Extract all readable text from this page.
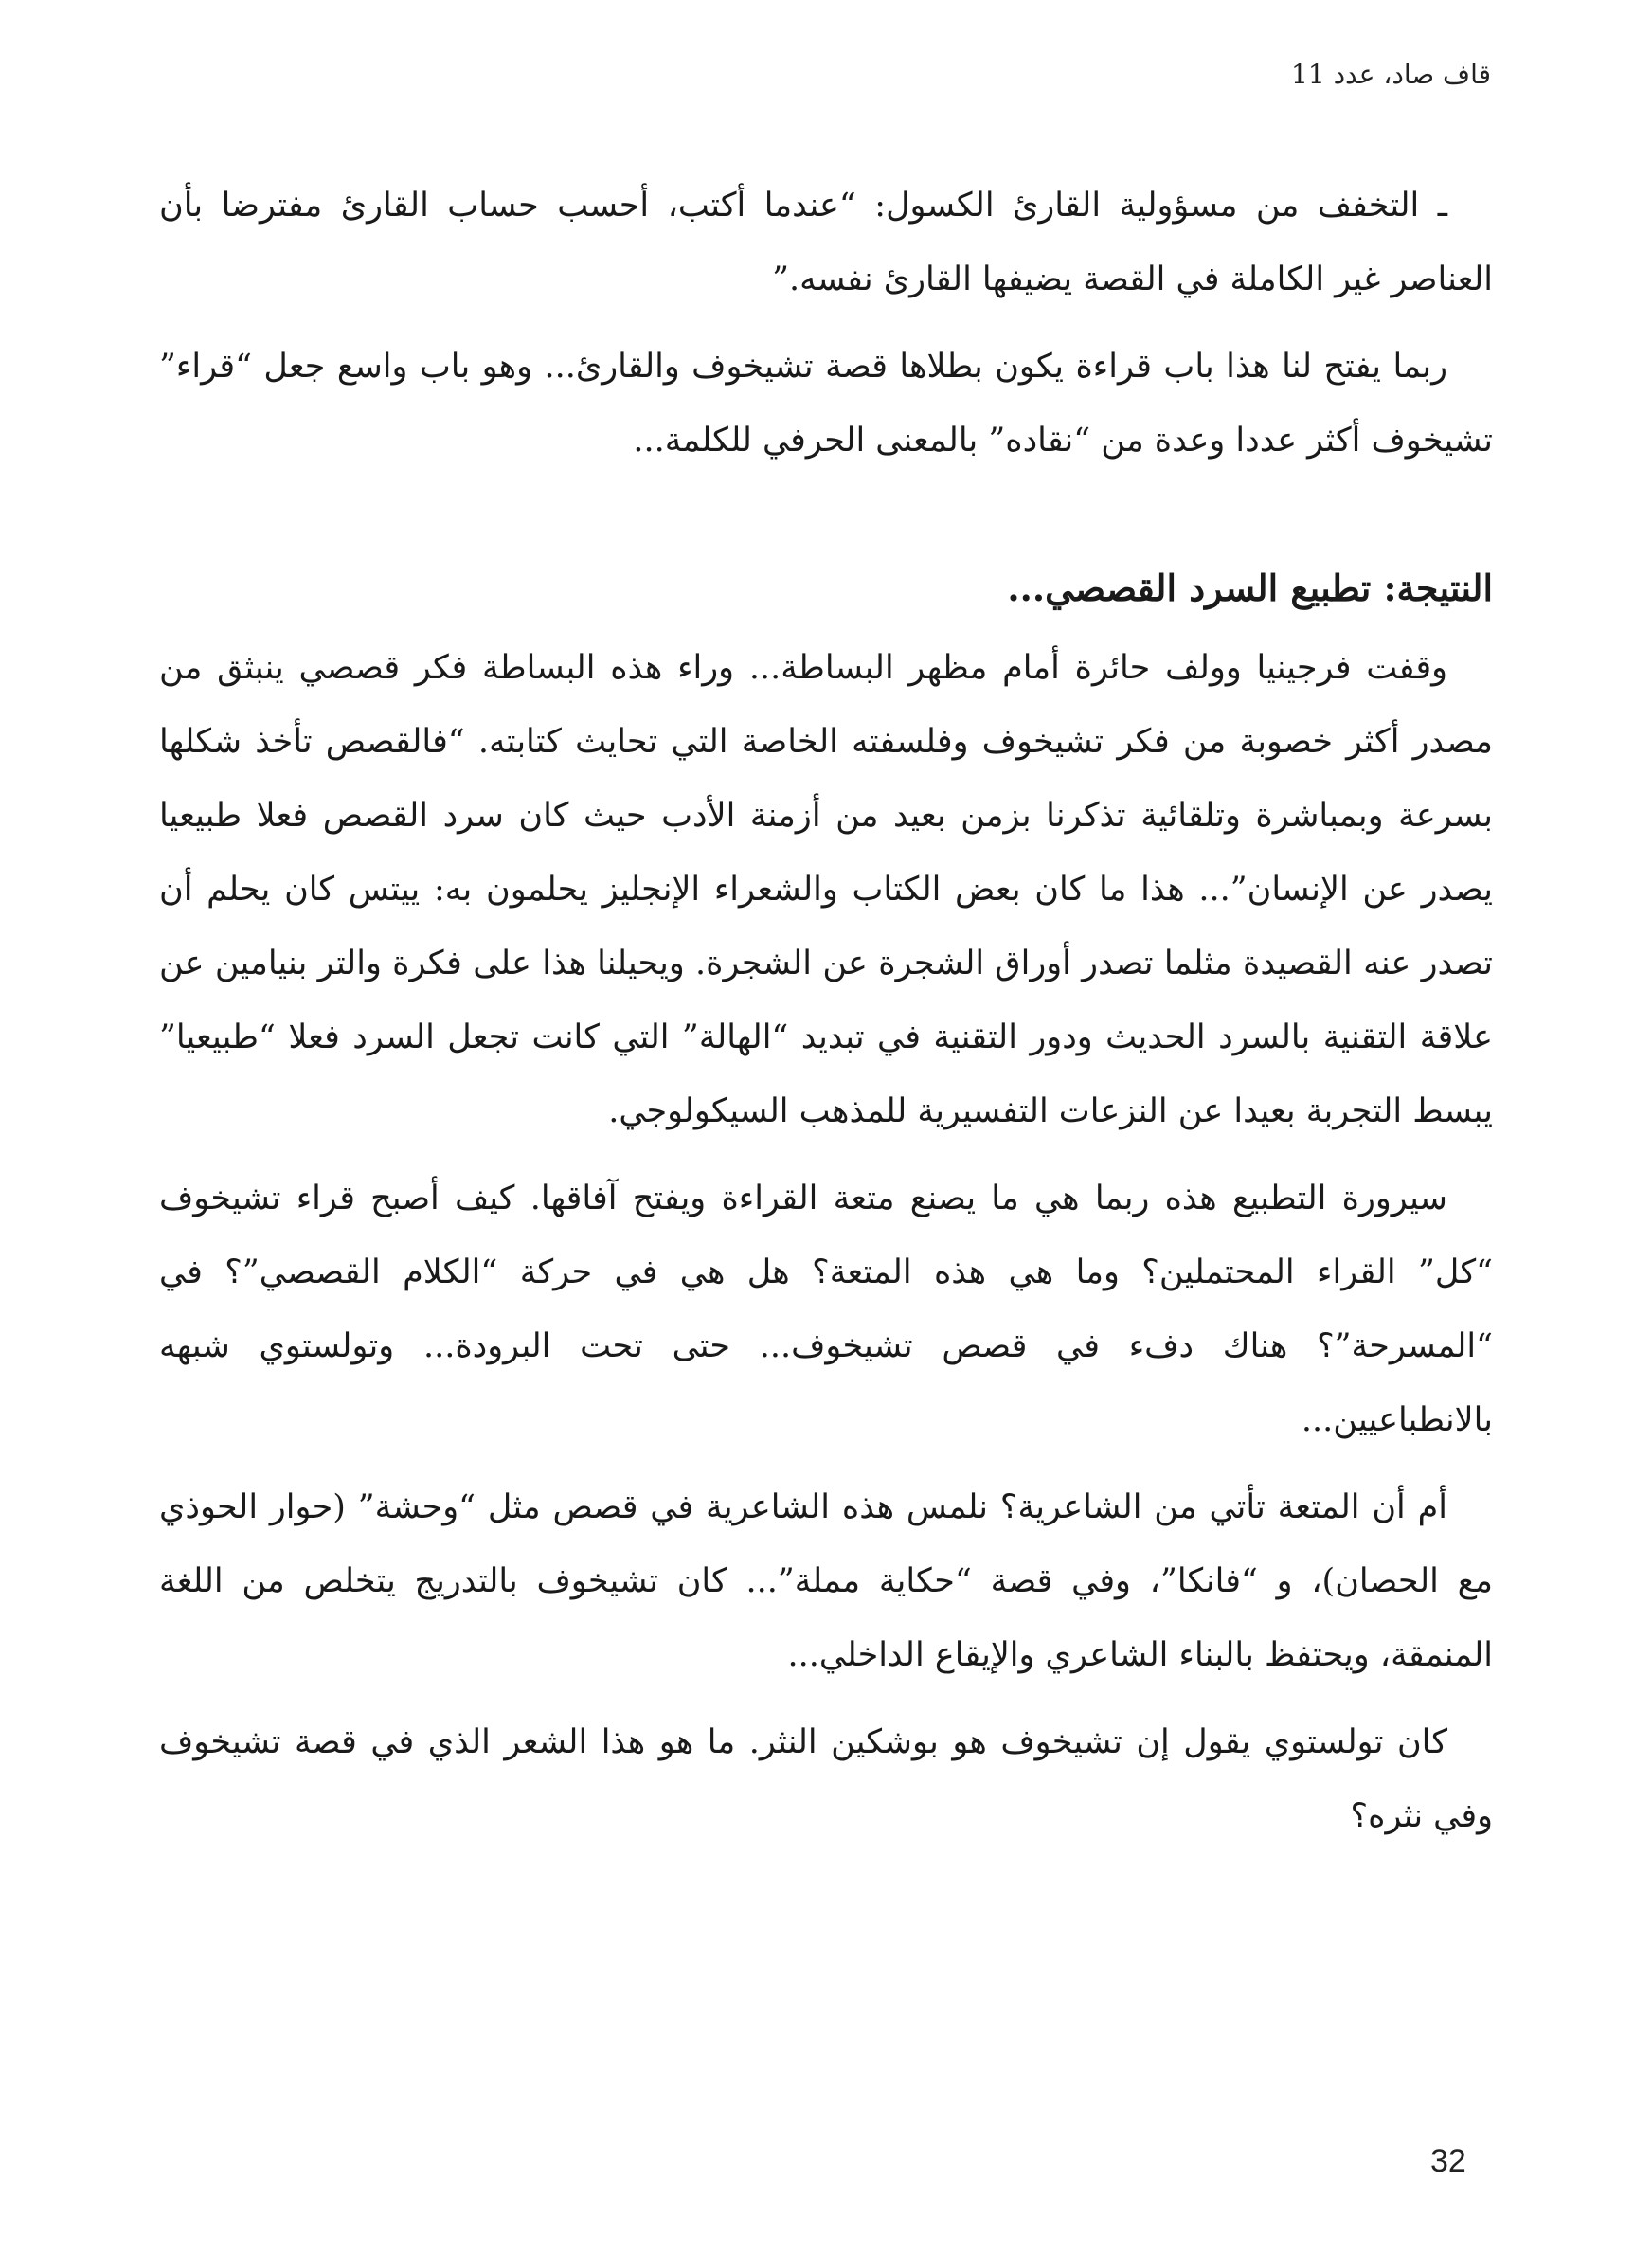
قاف صاد، عدد 11

ـ التخفف من مسؤولية القارئ الكسول: “عندما أكتب، أحسب حساب القارئ مفترضا بأن العناصر غير الكاملة في القصة يضيفها القارئ نفسه.”

ربما يفتح لنا هذا باب قراءة يكون بطلاها قصة تشيخوف والقارئ... وهو باب واسع جعل “قراء” تشيخوف أكثر عددا وعدة من “نقاده” بالمعنى الحرفي للكلمة...

النتيجة: تطبيع السرد القصصي...

وقفت فرجينيا وولف حائرة أمام مظهر البساطة... وراء هذه البساطة فكر قصصي ينبثق من مصدر أكثر خصوبة من فكر تشيخوف وفلسفته الخاصة التي تحايث كتابته. “فالقصص تأخذ شكلها بسرعة وبمباشرة وتلقائية تذكرنا بزمن بعيد من أزمنة الأدب حيث كان سرد القصص فعلا طبيعيا يصدر عن الإنسان”... هذا ما كان بعض الكتاب والشعراء الإنجليز يحلمون به: ييتس كان يحلم أن تصدر عنه القصيدة مثلما تصدر أوراق الشجرة عن الشجرة. ويحيلنا هذا على فكرة والتر بنيامين عن علاقة التقنية بالسرد الحديث ودور التقنية في تبديد “الهالة” التي كانت تجعل السرد فعلا “طبيعيا” يبسط التجربة بعيدا عن النزعات التفسيرية للمذهب السيكولوجي.

سيرورة التطبيع هذه ربما هي ما يصنع متعة القراءة ويفتح آفاقها. كيف أصبح قراء تشيخوف “كل” القراء المحتملين؟ وما هي هذه المتعة؟ هل هي في حركة “الكلام القصصي”؟ في “المسرحة”؟ هناك دفء في قصص تشيخوف... حتى تحت البرودة... وتولستوي شبهه بالانطباعيين...

أم أن المتعة تأتي من الشاعرية؟ نلمس هذه الشاعرية في قصص مثل “وحشة” (حوار الحوذي مع الحصان)، و “فانكا”، وفي قصة “حكاية مملة”... كان تشيخوف بالتدريج يتخلص من اللغة المنمقة، ويحتفظ بالبناء الشاعري والإيقاع الداخلي...

كان تولستوي يقول إن تشيخوف هو بوشكين النثر. ما هو هذا الشعر الذي في قصة تشيخوف وفي نثره؟

32
